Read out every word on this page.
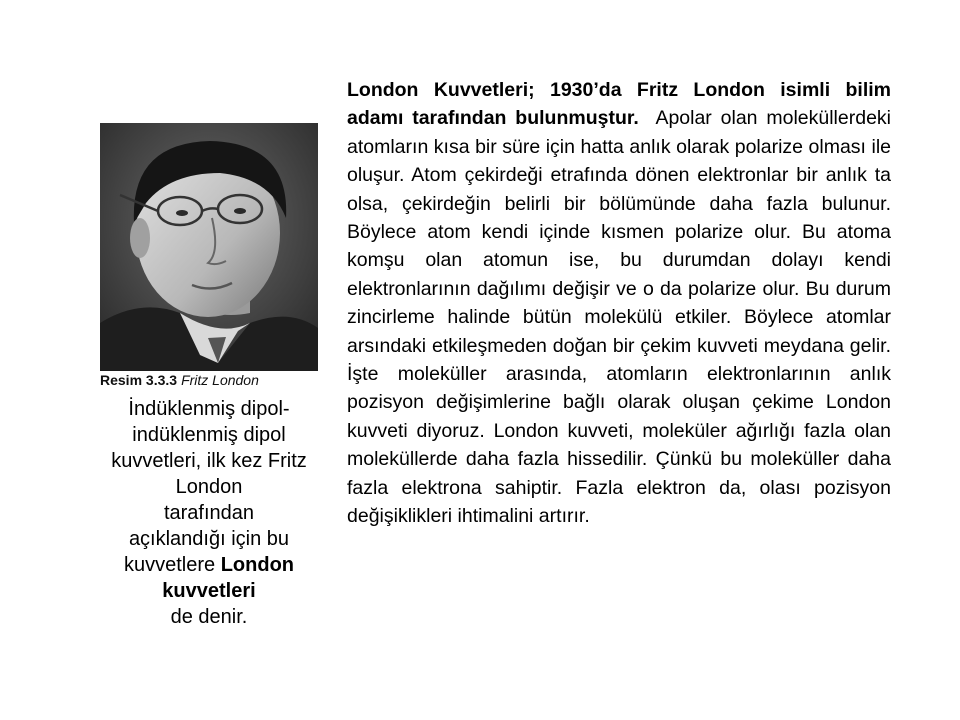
Resim 3.3.3 Fritz London
İndüklenmiş dipol-
indüklenmiş dipol
kuvvetleri, ilk kez Fritz
London
tarafından
açıklandığı için bu
kuvvetlere London
kuvvetleri
de denir.
London Kuvvetleri; 1930’da Fritz London isimli bilim adamı tarafından bulunmuştur. Apolar olan moleküllerdeki atomların kısa bir süre için hatta anlık olarak polarize olması ile oluşur. Atom çekirdeği etrafında dönen elektronlar bir anlık ta olsa, çekirdeğin belirli bir bölümünde daha fazla bulunur. Böylece atom kendi içinde kısmen polarize olur. Bu atoma komşu olan atomun ise, bu durumdan dolayı kendi elektronlarının dağılımı değişir ve o da polarize olur. Bu durum zincirleme halinde bütün molekülü etkiler. Böylece atomlar arsındaki etkileşmeden doğan bir çekim kuvveti meydana gelir. İşte moleküller arasında, atomların elektronlarının anlık pozisyon değişimlerine bağlı olarak oluşan çekime London kuvveti diyoruz. London kuvveti, moleküler ağırlığı fazla olan moleküllerde daha fazla hissedilir. Çünkü bu moleküller daha fazla elektrona sahiptir. Fazla elektron da, olası pozisyon değişiklikleri ihtimalini artırır.
